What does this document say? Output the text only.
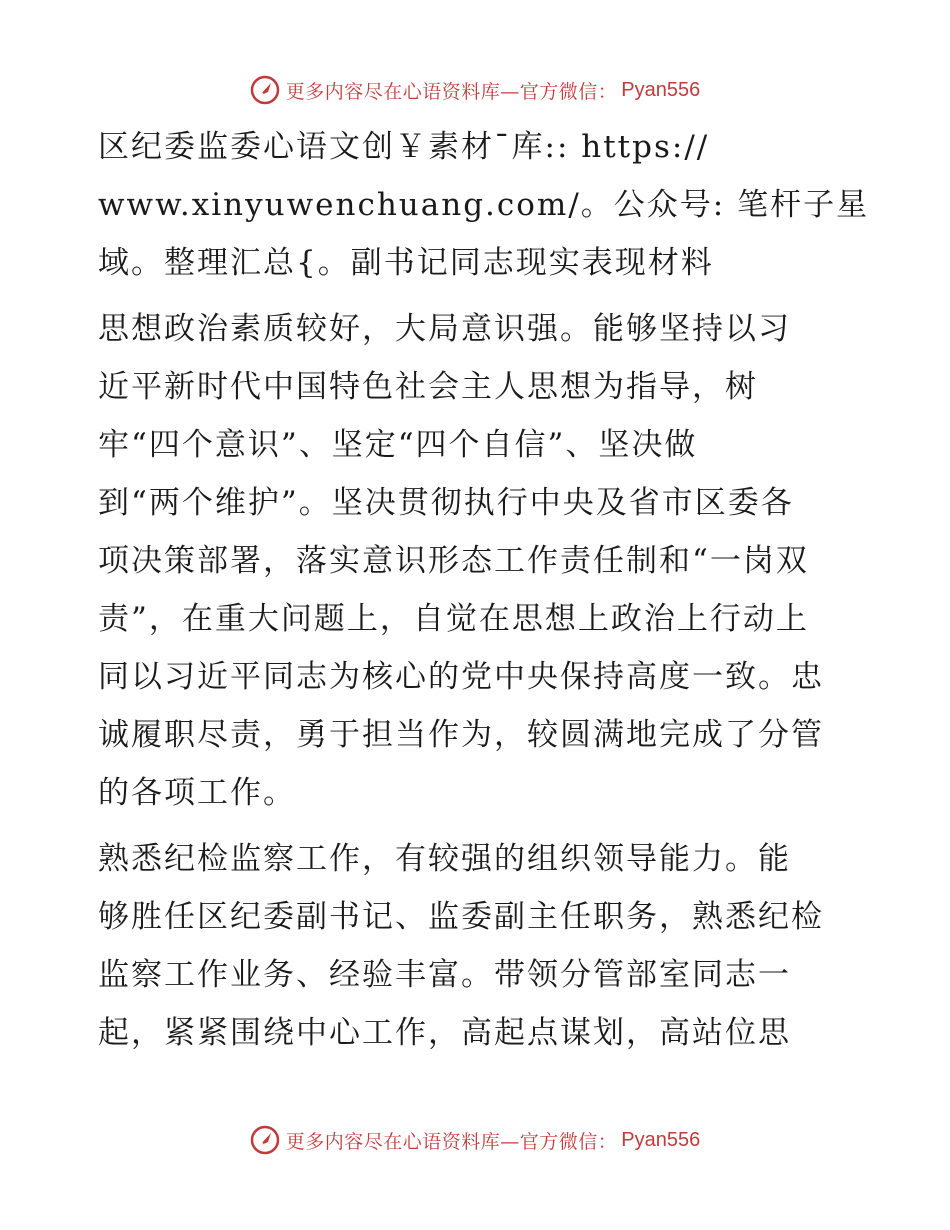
更多内容尽在心语资料库—官方微信： Pyan556
区纪委监委心语文创￥素材¯库:: https://
www.xinyuwenchuang.com/。公众号: 笔杆子星
域。整理汇总{。副书记同志现实表现材料
思想政治素质较好，大局意识强。能够坚持以习
近平新时代中国特色社会主人思想为指导，树
牢“四个意识”、坚定“四个自信”、坚决做
到“两个维护”。坚决贯彻执行中央及省市区委各
项决策部署，落实意识形态工作责任制和“一岗双
责”，在重大问题上，自觉在思想上政治上行动上
同以习近平同志为核心的党中央保持高度一致。忠
诚履职尽责，勇于担当作为，较圆满地完成了分管
的各项工作。
熟悉纪检监察工作，有较强的组织领导能力。能
够胜任区纪委副书记、监委副主任职务，熟悉纪检
监察工作业务、经验丰富。带领分管部室同志一
起，紧紧围绕中心工作，高起点谋划，高站位思
更多内容尽在心语资料库—官方微信： Pyan556
